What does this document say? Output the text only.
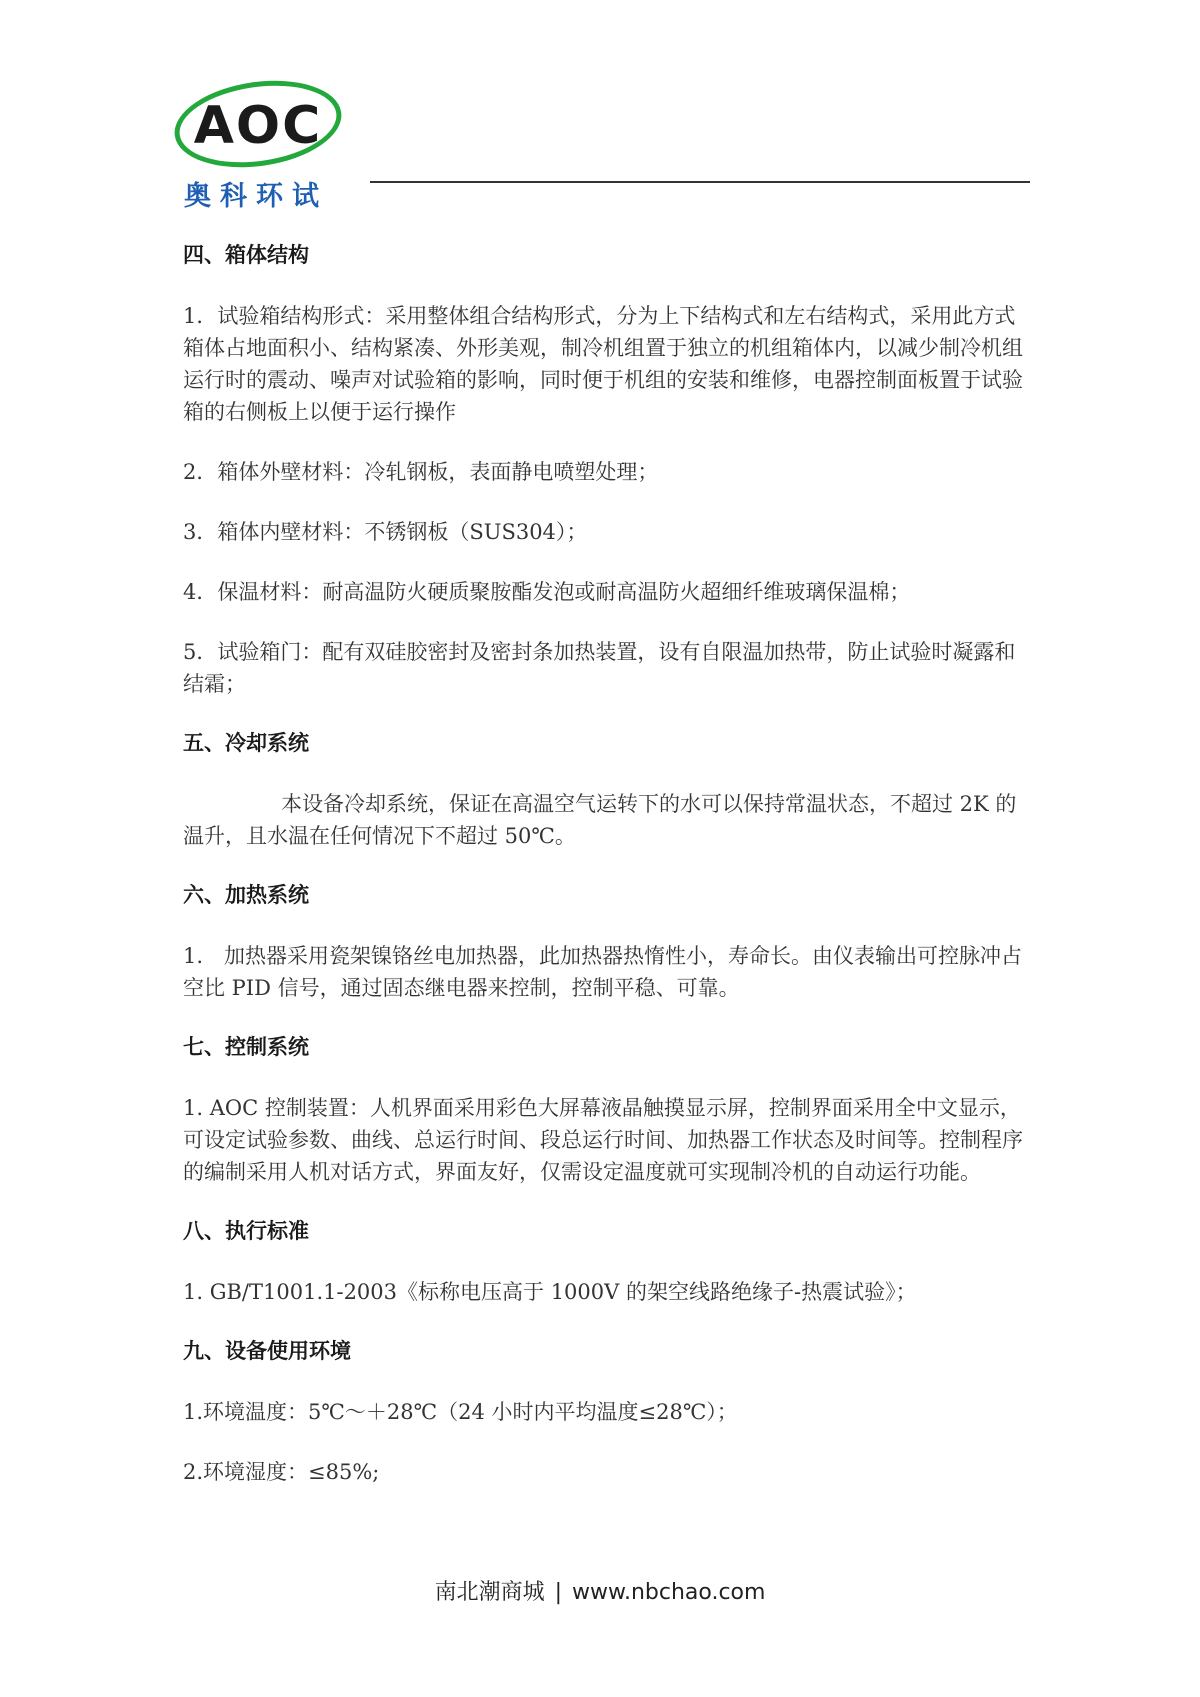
AOC
奥科环试
四、箱体结构

1．试验箱结构形式：采用整体组合结构形式，分为上下结构式和左右结构式，采用此方式箱体占地面积小、结构紧凑、外形美观，制冷机组置于独立的机组箱体内，以减少制冷机组运行时的震动、噪声对试验箱的影响，同时便于机组的安装和维修，电器控制面板置于试验箱的右侧板上以便于运行操作

2．箱体外壁材料：冷轧钢板，表面静电喷塑处理；

3．箱体内壁材料：不锈钢板（SUS304）；

4．保温材料：耐高温防火硬质聚胺酯发泡或耐高温防火超细纤维玻璃保温棉；

5．试验箱门：配有双硅胶密封及密封条加热装置，设有自限温加热带，防止试验时凝露和结霜；

五、冷却系统

本设备冷却系统，保证在高温空气运转下的水可以保持常温状态，不超过 2K 的温升，且水温在任何情况下不超过 50℃。

六、加热系统

1.　加热器采用瓷架镍铬丝电加热器，此加热器热惰性小，寿命长。由仪表输出可控脉冲占空比 PID 信号，通过固态继电器来控制，控制平稳、可靠。

七、控制系统

1. AOC 控制装置：人机界面采用彩色大屏幕液晶触摸显示屏，控制界面采用全中文显示，可设定试验参数、曲线、总运行时间、段总运行时间、加热器工作状态及时间等。控制程序的编制采用人机对话方式，界面友好，仅需设定温度就可实现制冷机的自动运行功能。

八、执行标准

1. GB/T1001.1-2003《标称电压高于 1000V 的架空线路绝缘子-热震试验》；

九、设备使用环境

1.环境温度：5℃～＋28℃（24 小时内平均温度≤28℃）；

2.环境湿度：≤85%;

南北潮商城 | www.nbchao.com
